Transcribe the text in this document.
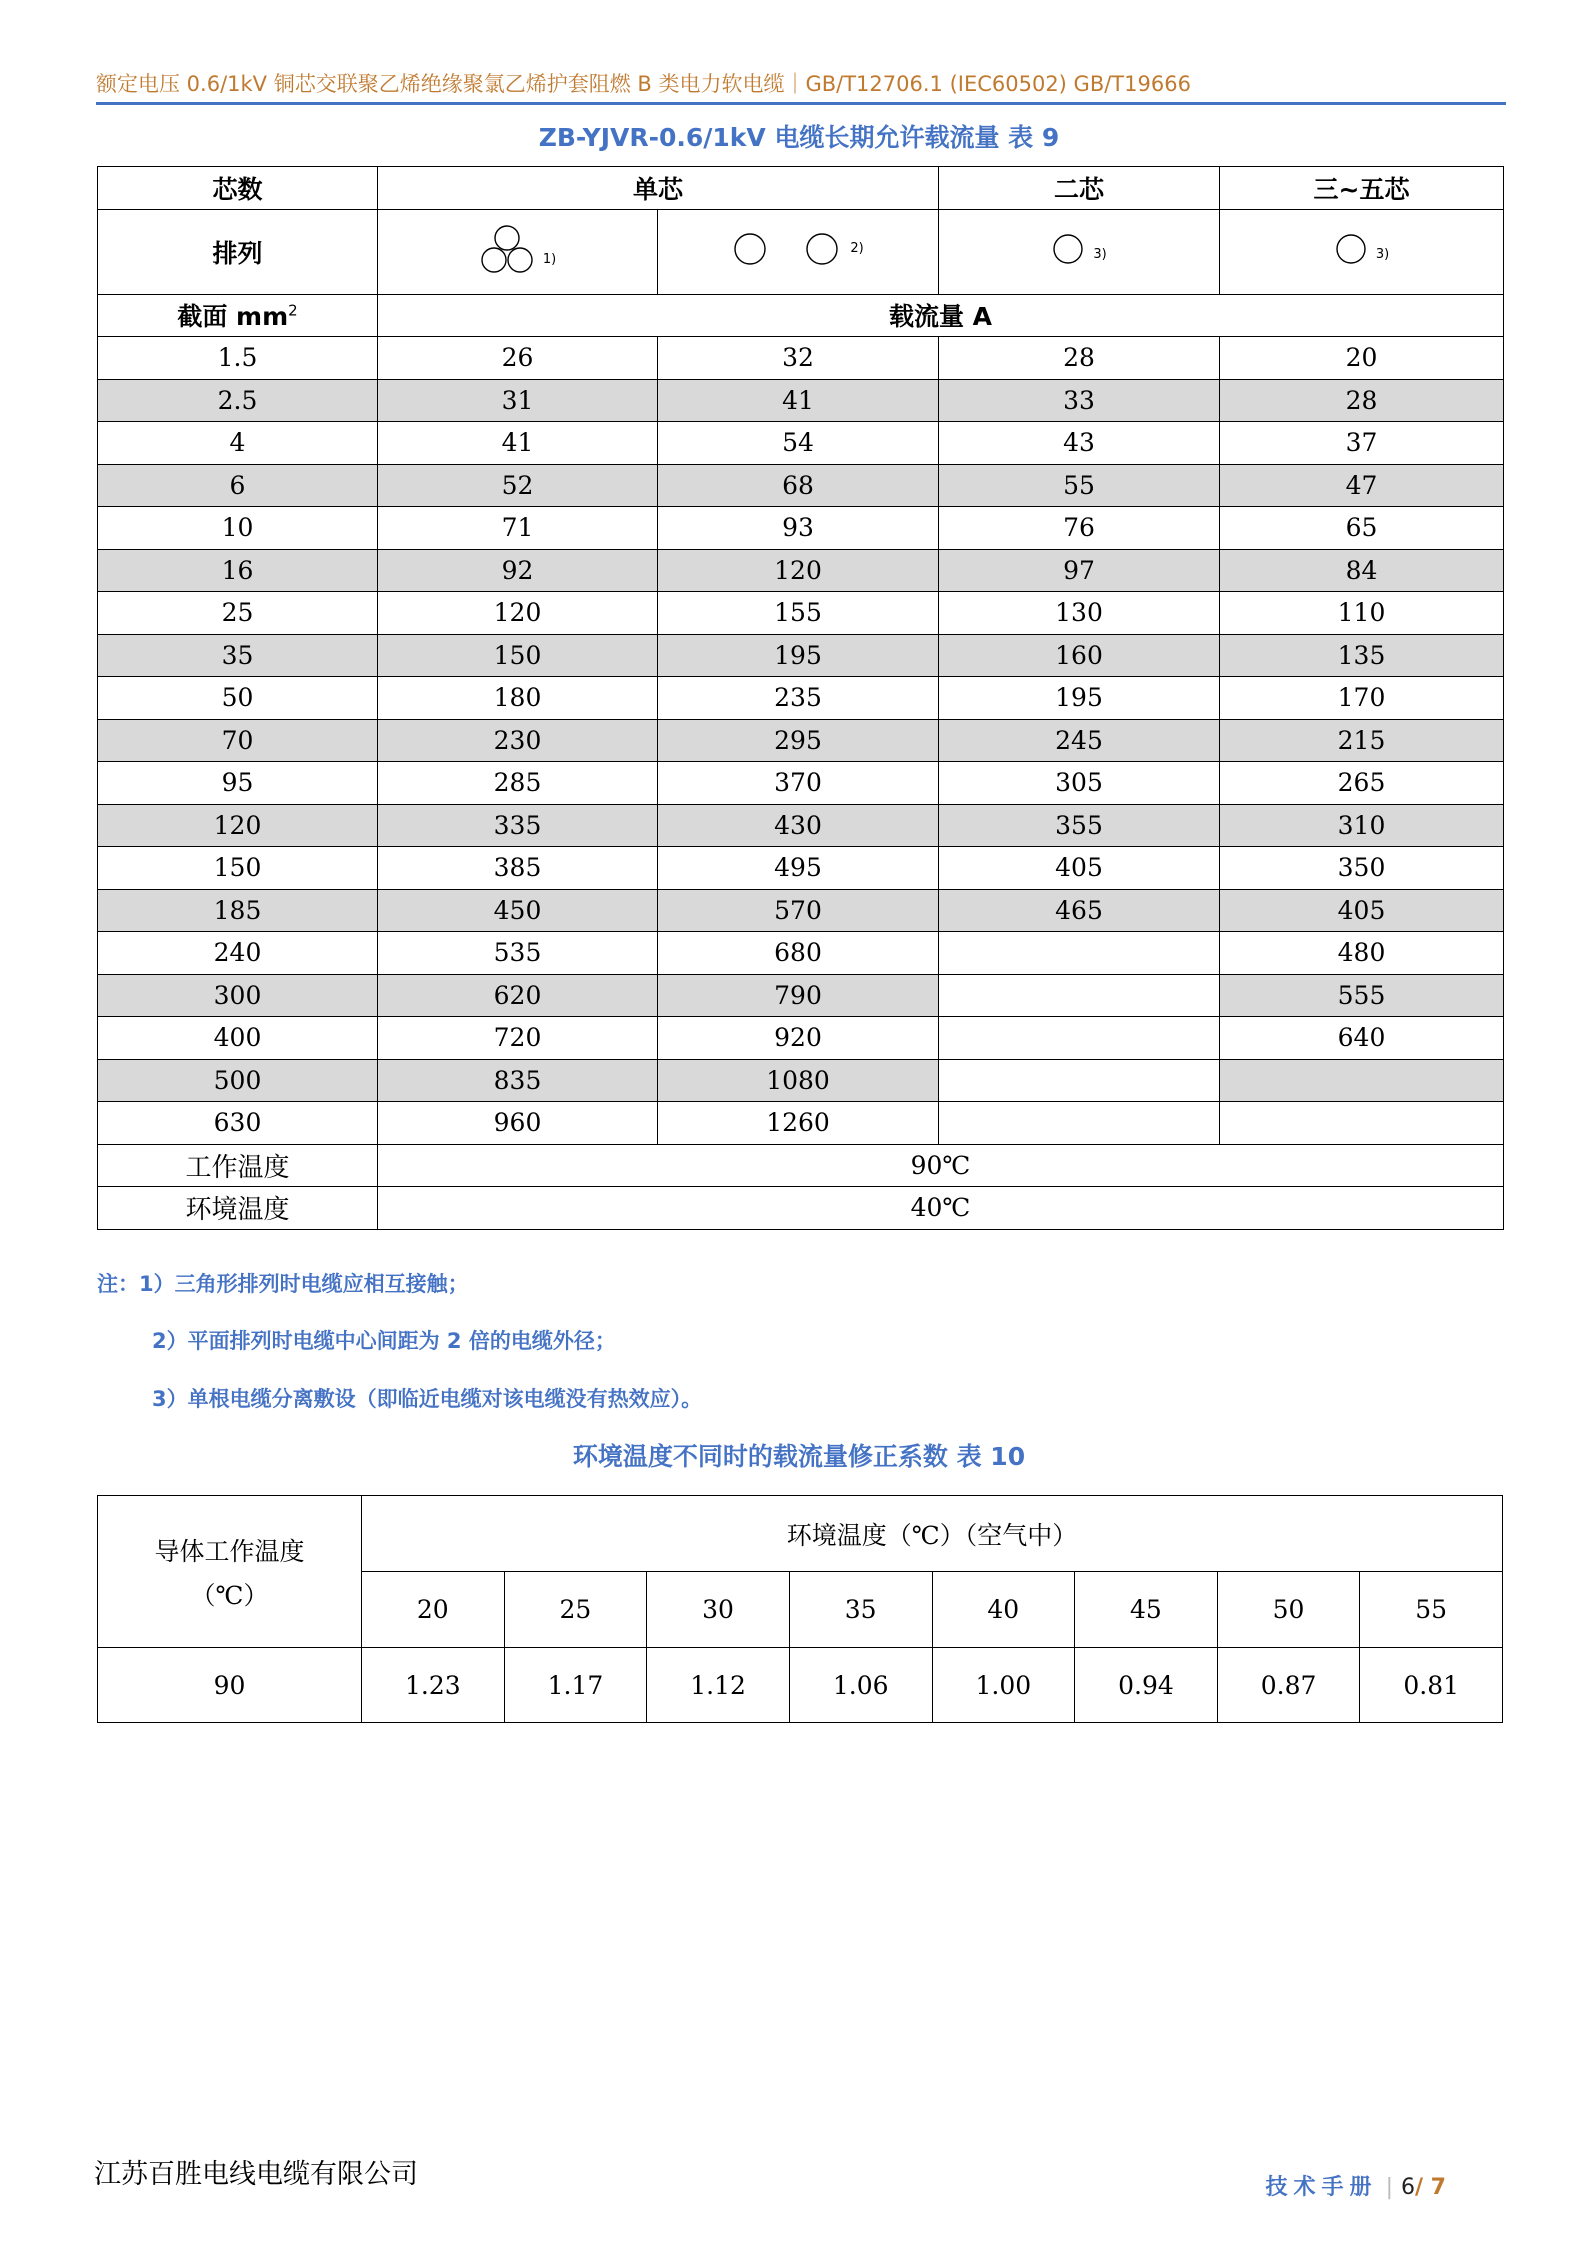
额定电压 0.6/1kV 铜芯交联聚乙烯绝缘聚氯乙烯护套阻燃 B 类电力软电缆｜GB/T12706.1 (IEC60502) GB/T19666
ZB-YJVR-0.6/1kV 电缆长期允许载流量 表 9
芯数	单芯		二芯	三~五芯
排列	1)	2)	3)	3)

截面 $mm^2$	载流量 A			
1.5	26	32	28	20
2.5	31	41	33	28
4	41	54	43	37
6	52	68	55	47
10	71	93	76	65
16	92	120	97	84
25	120	155	130	110
35	150	195	160	135
50	180	235	195	170
70	230	295	245	215
95	285	370	305	265
120	335	430	355	310
150	385	495	405	350
185	450	570	465	405
240	535	680		480
300	620	790		555
400	720	920		640
500	835	1080		
630	960	1260		
工作温度	90℃			
环境温度	40℃			
注：1）三角形排列时电缆应相互接触；
2）平面排列时电缆中心间距为 2 倍的电缆外径；
3）单根电缆分离敷设（即临近电缆对该电缆没有热效应）。
环境温度不同时的载流量修正系数 表 10
导体工作温度
（℃）	环境温度（℃）（空气中）							
	20	25	30	35	40	45	50	55
90	1.23	1.17	1.12	1.06	1.00	0.94	0.87	0.81
江苏百胜电线电缆有限公司	技术手册 | 6/ 7
